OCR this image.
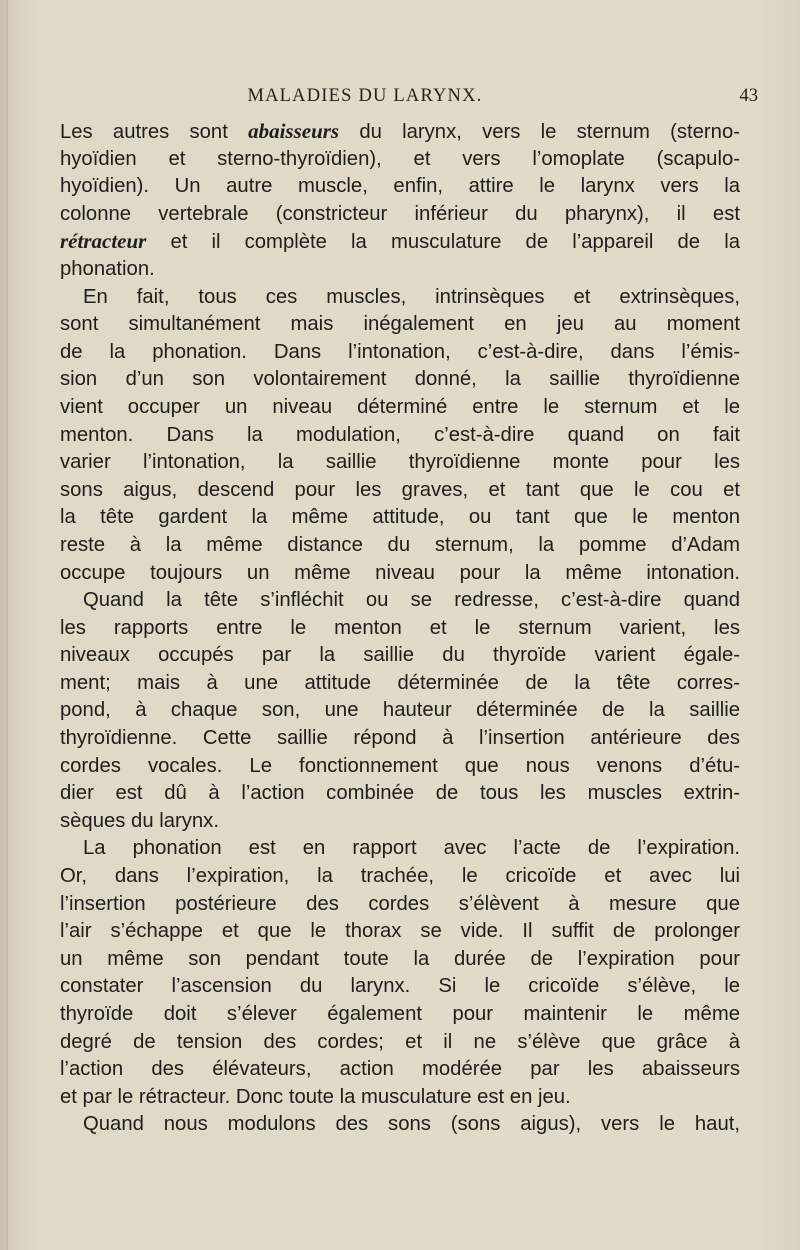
MALADIES DU LARYNX.	43
Les autres sont abaisseurs du larynx, vers le sternum (sterno-
hyoïdien et sterno-thyroïdien), et vers l’omoplate (scapulo-
hyoïdien). Un autre muscle, enfin, attire le larynx vers la
colonne vertebrale (constricteur inférieur du pharynx), il est
rétracteur et il complète la musculature de l’appareil de la
phonation.
En fait, tous ces muscles, intrinsèques et extrinsèques,
sont simultanément mais inégalement en jeu au moment
de la phonation. Dans l’intonation, c’est-à-dire, dans l’émis-
sion d’un son volontairement donné, la saillie thyroïdienne
vient occuper un niveau déterminé entre le sternum et le
menton. Dans la modulation, c’est-à-dire quand on fait
varier l’intonation, la saillie thyroïdienne monte pour les
sons aigus, descend pour les graves, et tant que le cou et
la tête gardent la même attitude, ou tant que le menton
reste à la même distance du sternum, la pomme d’Adam
occupe toujours un même niveau pour la même intonation.
Quand la tête s’infléchit ou se redresse, c’est-à-dire quand
les rapports entre le menton et le sternum varient, les
niveaux occupés par la saillie du thyroïde varient égale-
ment; mais à une attitude déterminée de la tête corres-
pond, à chaque son, une hauteur déterminée de la saillie
thyroïdienne. Cette saillie répond à l’insertion antérieure des
cordes vocales. Le fonctionnement que nous venons d’étu-
dier est dû à l’action combinée de tous les muscles extrin-
sèques du larynx.
La phonation est en rapport avec l’acte de l’expiration.
Or, dans l’expiration, la trachée, le cricoïde et avec lui
l’insertion postérieure des cordes s’élèvent à mesure que
l’air s’échappe et que le thorax se vide. Il suffit de prolonger
un même son pendant toute la durée de l’expiration pour
constater l’ascension du larynx. Si le cricoïde s’élève, le
thyroïde doit s’élever également pour maintenir le même
degré de tension des cordes; et il ne s’élève que grâce à
l’action des élévateurs, action modérée par les abaisseurs
et par le rétracteur. Donc toute la musculature est en jeu.
Quand nous modulons des sons (sons aigus), vers le haut,
